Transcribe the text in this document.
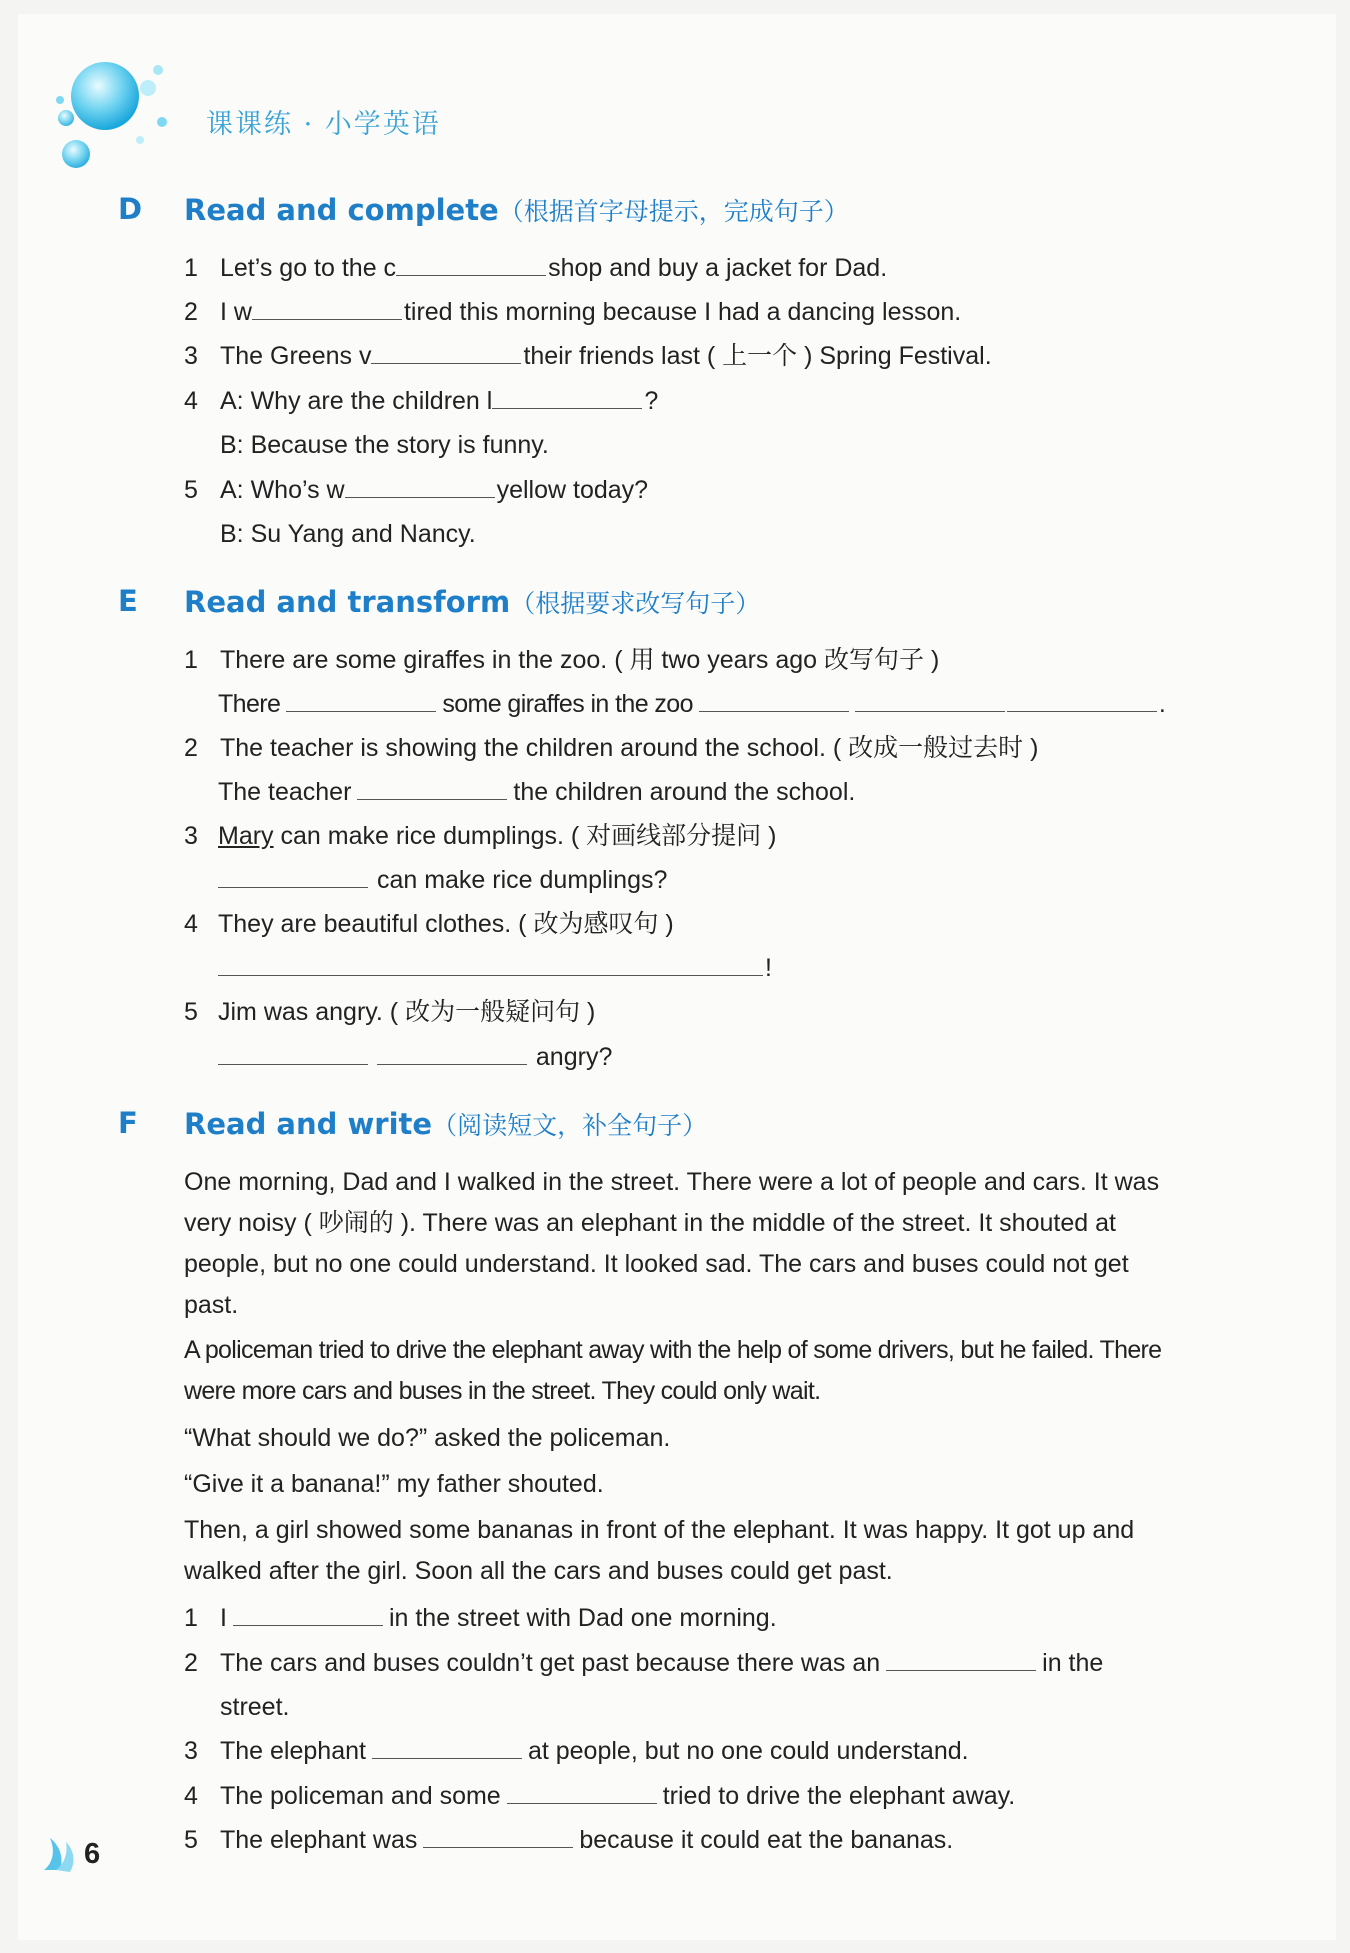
课课练 · 小学英语
D Read and complete（根据首字母提示，完成句子）
1 Let’s go to the c	shop and buy a jacket for Dad.
2 I w	tired this morning because I had a dancing lesson.
3 The Greens v	their friends last ( 上一个 ) Spring Festival.
4 A: Why are the children l	?
B: Because the story is funny.
5 A: Who’s w	yellow today?
B: Su Yang and Nancy.
E Read and transform（根据要求改写句子）
1 There are some giraffes in the zoo. ( 用 two years ago 改写句子 )
There	some giraffes in the zoo	.
2 The teacher is showing the children around the school. ( 改成一般过去时 )
The teacher	the children around the school.
3 Mary can make rice dumplings. ( 对画线部分提问 )
can make rice dumplings?
4 They are beautiful clothes. ( 改为感叹句 )
!
5 Jim was angry. ( 改为一般疑问句 )
angry?
F Read and write（阅读短文，补全句子）
One morning, Dad and I walked in the street. There were a lot of people and cars. It was very noisy ( 吵闹的 ). There was an elephant in the middle of the street. It shouted at people, but no one could understand. It looked sad. The cars and buses could not get past.
A policeman tried to drive the elephant away with the help of some drivers, but he failed. There were more cars and buses in the street. They could only wait.
“What should we do?” asked the policeman.
“Give it a banana!” my father shouted.
Then, a girl showed some bananas in front of the elephant. It was happy. It got up and walked after the girl. Soon all the cars and buses could get past.
1 I	in the street with Dad one morning.
2 The cars and buses couldn’t get past because there was an	in the
street.
3 The elephant	at people, but no one could understand.
4 The policeman and some	tried to drive the elephant away.
5 The elephant was	because it could eat the bananas.
6
